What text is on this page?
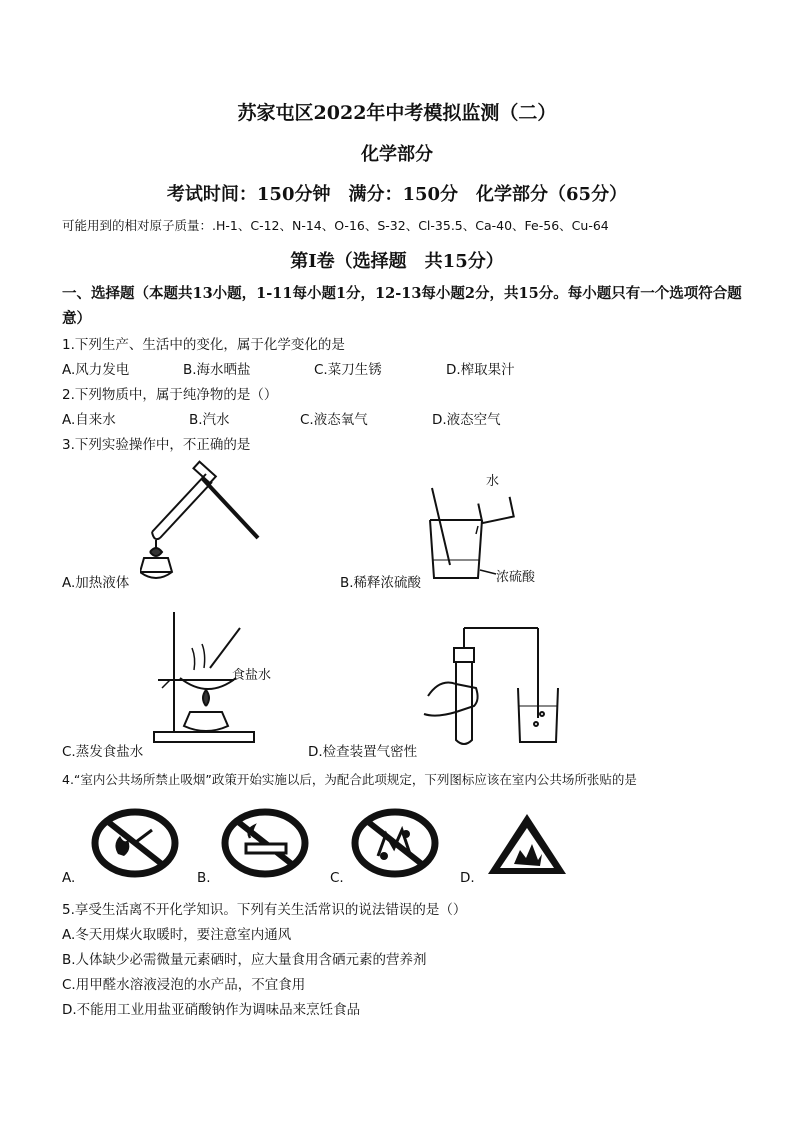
苏家屯区2022年中考模拟监测（二）
化学部分
考试时间：150分钟　满分：150分　化学部分（65分）
可能用到的相对原子质量：.H-1、C-12、N-14、O-16、S-32、Cl-35.5、Ca-40、Fe-56、Cu-64
第I卷（选择题　共15分）
一、选择题（本题共13小题，1-11每小题1分，12-13每小题2分，共15分。每小题只有一个选项符合题意）
1.下列生产、生活中的变化，属于化学变化的是
A.风力发电	B.海水晒盐	C.菜刀生锈	D.榨取果汁
2.下列物质中，属于纯净物的是（）
A.自来水	B.汽水	C.液态氧气	D.液态空气
3.下列实验操作中，不正确的是
A.加热液体
水
浓硫酸
B.稀释浓硫酸
食盐水
C.蒸发食盐水	D.检查装置气密性
4.“室内公共场所禁止吸烟”政策开始实施以后，为配合此项规定，下列图标应该在室内公共场所张贴的是
A.	B.	C.	D.
5.享受生活离不开化学知识。下列有关生活常识的说法错误的是（）
A.冬天用煤火取暖时，要注意室内通风
B.人体缺少必需微量元素硒时，应大量食用含硒元素的营养剂
C.用甲醛水溶液浸泡的水产品，不宜食用
D.不能用工业用盐亚硝酸钠作为调味品来烹饪食品
